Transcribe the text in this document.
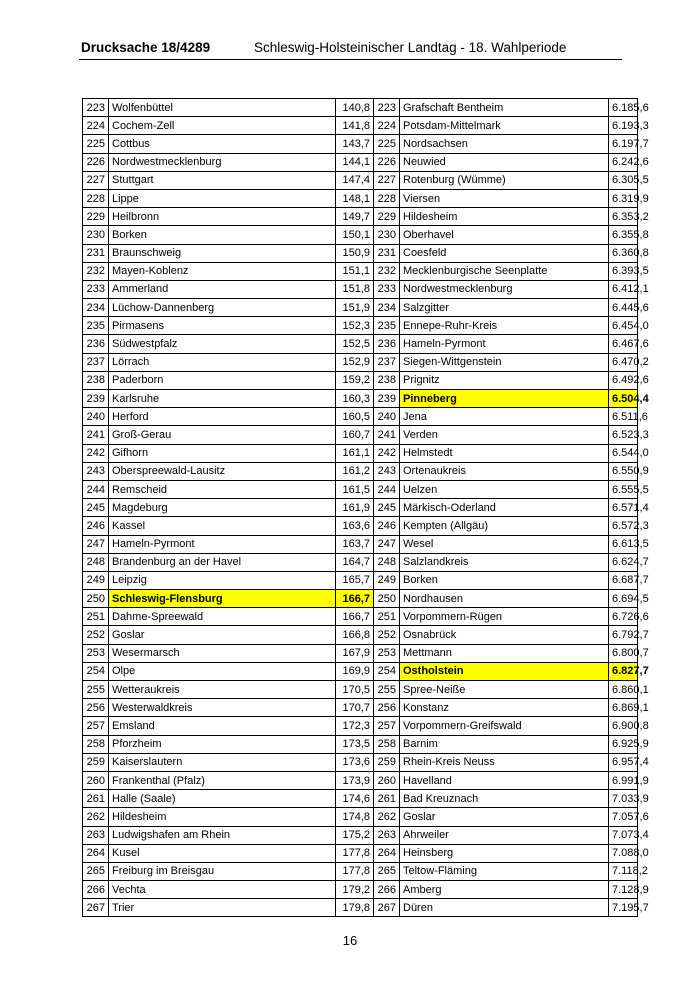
Drucksache 18/4289	Schleswig-Holsteinischer Landtag - 18. Wahlperiode
223	Wolfenbüttel	140,8	223	Grafschaft Bentheim	6.185,6
224	Cochem-Zell	141,8	224	Potsdam-Mittelmark	6.193,3
225	Cottbus	143,7	225	Nordsachsen	6.197,7
226	Nordwestmecklenburg	144,1	226	Neuwied	6.242,6
227	Stuttgart	147,4	227	Rotenburg (Wümme)	6.305,5
228	Lippe	148,1	228	Viersen	6.319,9
229	Heilbronn	149,7	229	Hildesheim	6.353,2
230	Borken	150,1	230	Oberhavel	6.355,8
231	Braunschweig	150,9	231	Coesfeld	6.360,8
232	Mayen-Koblenz	151,1	232	Mecklenburgische Seenplatte	6.393,5
233	Ammerland	151,8	233	Nordwestmecklenburg	6.412,1
234	Lüchow-Dannenberg	151,9	234	Salzgitter	6.445,6
235	Pirmasens	152,3	235	Ennepe-Ruhr-Kreis	6.454,0
236	Südwestpfalz	152,5	236	Hameln-Pyrmont	6.467,6
237	Lörrach	152,9	237	Siegen-Wittgenstein	6.470,2
238	Paderborn	159,2	238	Prignitz	6.492,6
239	Karlsruhe	160,3	239	Pinneberg	6.504,4
240	Herford	160,5	240	Jena	6.511,6
241	Groß-Gerau	160,7	241	Verden	6.523,3
242	Gifhorn	161,1	242	Helmstedt	6.544,0
243	Oberspreewald-Lausitz	161,2	243	Ortenaukreis	6.550,9
244	Remscheid	161,5	244	Uelzen	6.555,5
245	Magdeburg	161,9	245	Märkisch-Oderland	6.571,4
246	Kassel	163,6	246	Kempten (Allgäu)	6.572,3
247	Hameln-Pyrmont	163,7	247	Wesel	6.613,5
248	Brandenburg an der Havel	164,7	248	Salzlandkreis	6.624,7
249	Leipzig	165,7	249	Borken	6.687,7
250	Schleswig-Flensburg	166,7	250	Nordhausen	6.694,5
251	Dahme-Spreewald	166,7	251	Vorpommern-Rügen	6.726,6
252	Goslar	166,8	252	Osnabrück	6.792,7
253	Wesermarsch	167,9	253	Mettmann	6.800,7
254	Olpe	169,9	254	Ostholstein	6.827,7
255	Wetteraukreis	170,5	255	Spree-Neiße	6.860,1
256	Westerwaldkreis	170,7	256	Konstanz	6.869,1
257	Emsland	172,3	257	Vorpommern-Greifswald	6.900,8
258	Pforzheim	173,5	258	Barnim	6.925,9
259	Kaiserslautern	173,6	259	Rhein-Kreis Neuss	6.957,4
260	Frankenthal (Pfalz)	173,9	260	Havelland	6.991,9
261	Halle (Saale)	174,6	261	Bad Kreuznach	7.033,9
262	Hildesheim	174,8	262	Goslar	7.057,6
263	Ludwigshafen am Rhein	175,2	263	Ahrweiler	7.073,4
264	Kusel	177,8	264	Heinsberg	7.088,0
265	Freiburg im Breisgau	177,8	265	Teltow-Fläming	7.118,2
266	Vechta	179,2	266	Amberg	7.128,9
267	Trier	179,8	267	Düren	7.195,7
16
